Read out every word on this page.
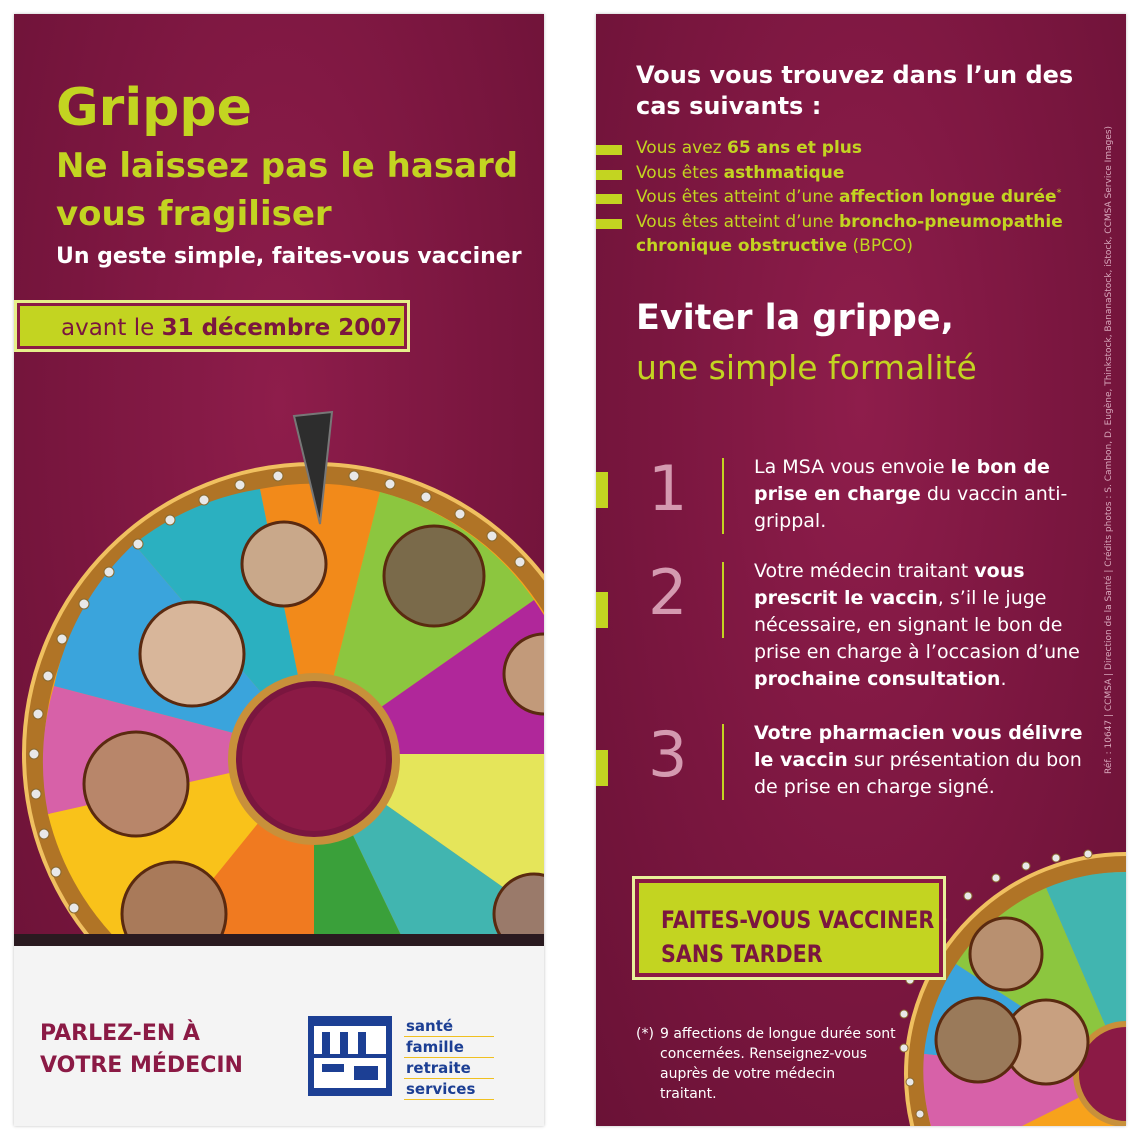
Grippe
Ne laissez pas le hasard vous fragiliser
Un geste simple, faites-vous vacciner
avant le 31 décembre 2007
PARLEZ-EN À VOTRE MÉDECIN
santé
famille
retraite
services
Vous vous trouvez dans l’un des cas suivants :
Vous avez 65 ans et plus
Vous êtes asthmatique
Vous êtes atteint d’une affection longue durée*
Vous êtes atteint d’une broncho-pneumopathie
chronique obstructive (BPCO)
Eviter la grippe,
une simple formalité
1	La MSA vous envoie le bon de prise en charge du vaccin anti-grippal.
2	Votre médecin traitant vous prescrit le vaccin, s’il le juge nécessaire, en signant le bon de prise en charge à l’occasion d’une prochaine consultation.
3	Votre pharmacien vous délivre le vaccin sur présentation du bon de prise en charge signé.
Réf. : 10647 | CCMSA | Direction de la Santé | Crédits photos : S. Cambon, D. Eugène, Thinkstock, BananaStock, iStock, CCMSA Service Images)
FAITES-VOUS VACCINER
SANS TARDER
(*) 9 affections de longue durée sont concernées. Renseignez-vous auprès de votre médecin traitant.
